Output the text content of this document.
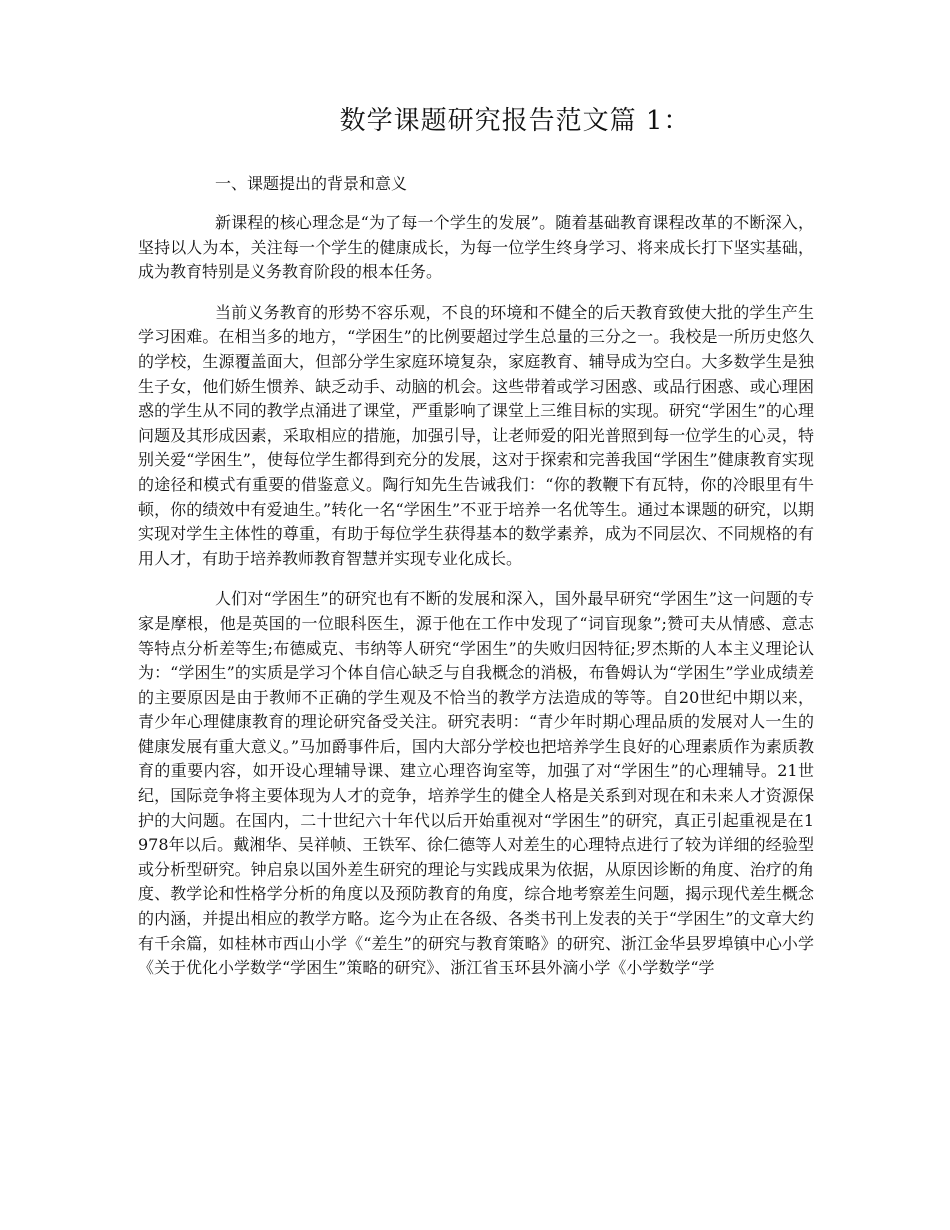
数学课题研究报告范文篇 1：
一、课题提出的背景和意义

新课程的核心理念是“为了每一个学生的发展”。随着基础教育课程改革的不断深入，坚持以人为本，关注每一个学生的健康成长，为每一位学生终身学习、将来成长打下坚实基础，成为教育特别是义务教育阶段的根本任务。

当前义务教育的形势不容乐观，不良的环境和不健全的后天教育致使大批的学生产生学习困难。在相当多的地方，“学困生”的比例要超过学生总量的三分之一。我校是一所历史悠久的学校，生源覆盖面大，但部分学生家庭环境复杂，家庭教育、辅导成为空白。大多数学生是独生子女，他们娇生惯养、缺乏动手、动脑的机会。这些带着或学习困惑、或品行困惑、或心理困惑的学生从不同的教学点涌进了课堂，严重影响了课堂上三维目标的实现。研究“学困生”的心理问题及其形成因素，采取相应的措施，加强引导，让老师爱的阳光普照到每一位学生的心灵，特别关爱“学困生”，使每位学生都得到充分的发展，这对于探索和完善我国“学困生”健康教育实现的途径和模式有重要的借鉴意义。陶行知先生告诫我们：“你的教鞭下有瓦特，你的冷眼里有牛顿，你的绩效中有爱迪生。”转化一名“学困生”不亚于培养一名优等生。通过本课题的研究，以期实现对学生主体性的尊重，有助于每位学生获得基本的数学素养，成为不同层次、不同规格的有用人才，有助于培养教师教育智慧并实现专业化成长。

人们对“学困生”的研究也有不断的发展和深入，国外最早研究“学困生”这一问题的专家是摩根，他是英国的一位眼科医生，源于他在工作中发现了“词盲现象”;赞可夫从情感、意志等特点分析差等生;布德威克、韦纳等人研究“学困生”的失败归因特征;罗杰斯的人本主义理论认为：“学困生”的实质是学习个体自信心缺乏与自我概念的消极，布鲁姆认为“学困生”学业成绩差的主要原因是由于教师不正确的学生观及不恰当的教学方法造成的等等。自20世纪中期以来，青少年心理健康教育的理论研究备受关注。研究表明：“青少年时期心理品质的发展对人一生的健康发展有重大意义。”马加爵事件后，国内大部分学校也把培养学生良好的心理素质作为素质教育的重要内容，如开设心理辅导课、建立心理咨询室等，加强了对“学困生”的心理辅导。21世纪，国际竞争将主要体现为人才的竞争，培养学生的健全人格是关系到对现在和未来人才资源保护的大问题。在国内，二十世纪六十年代以后开始重视对“学困生”的研究，真正引起重视是在1978年以后。戴湘华、吴祥帧、王铁军、徐仁德等人对差生的心理特点进行了较为详细的经验型或分析型研究。钟启泉以国外差生研究的理论与实践成果为依据，从原因诊断的角度、治疗的角度、教学论和性格学分析的角度以及预防教育的角度，综合地考察差生问题，揭示现代差生概念的内涵，并提出相应的教学方略。迄今为止在各级、各类书刊上发表的关于“学困生”的文章大约有千余篇，如桂林市西山小学《“差生”的研究与教育策略》的研究、浙江金华县罗埠镇中心小学《关于优化小学数学“学困生”策略的研究》、浙江省玉环县外滴小学《小学数学“学
